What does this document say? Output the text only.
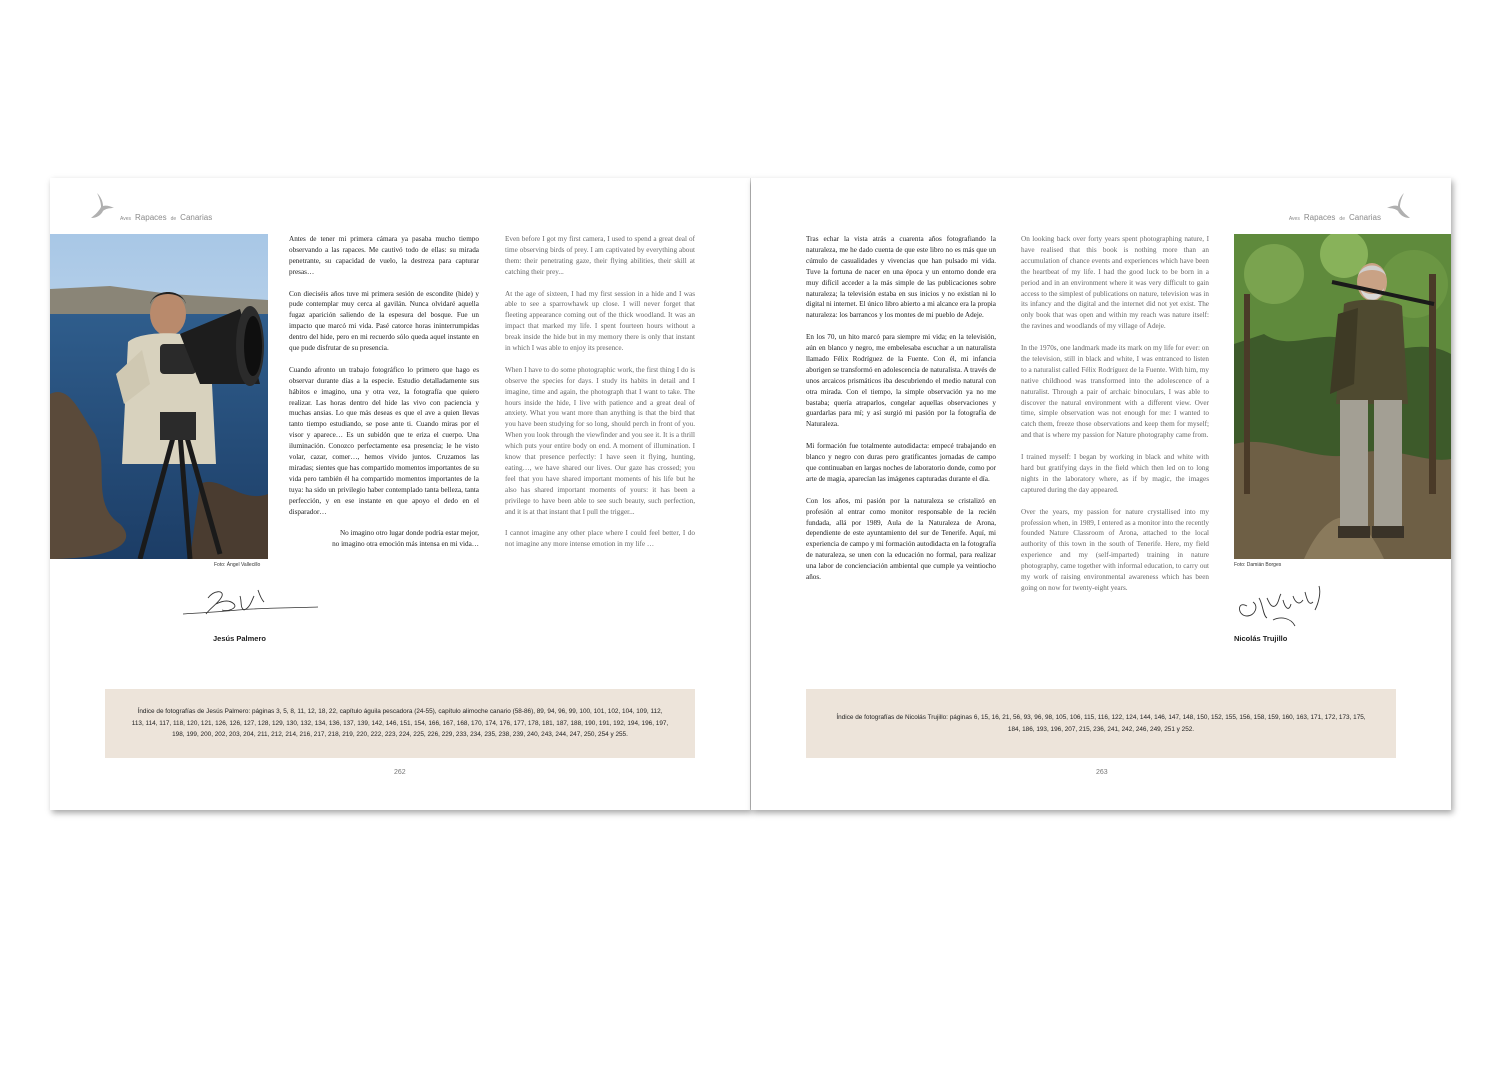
Aves Rapaces de Canarias
Foto: Ángel Vallecillo

Antes de tener mi primera cámara ya pasaba mucho tiempo observando a las rapaces. Me cautivó todo de ellas: su mirada penetrante, su capacidad de vuelo, la destreza para capturar presas…

Con dieciséis años tuve mi primera sesión de esconditе (hide) y pude contemplar muy cerca al gavilán. Nunca olvidaré aquella fugaz aparición saliendo de la espesura del bosque. Fue un impacto que marcó mi vida. Pasé catorce horas ininterrumpidas dentro del hide, pero en mi recuerdo sólo queda aquel instante en que pude disfrutar de su presencia.

Cuando afronto un trabajo fotográfico lo primero que hago es observar durante días a la especie. Estudio detalladamente sus hábitos e imagino, una y otra vez, la fotografía que quiero realizar. Las horas dentro del hide las vivo con paciencia y muchas ansias. Lo que más deseas es que el ave a quien llevas tanto tiempo estudiando, se pose ante ti. Cuando miras por el visor y aparece… Es un subidón que te eriza el cuerpo. Una iluminación. Conozco perfectamente esa presencia; le he visto volar, cazar, comer…, hemos vivido juntos. Cruzamos las miradas; sientes que has compartido momentos importantes de su vida pero también él ha compartido momentos importantes de la tuya: ha sido un privilegio haber contemplado tanta belleza, tanta perfección, y en ese instante en que apoyo el dedo en el disparador…

No imagino otro lugar donde podría estar mejor,
no imagino otra emoción más intensa en mi vida…

Even before I got my first camera, I used to spend a great deal of time observing birds of prey. I am captivated by everything about them: their penetrating gaze, their flying abilities, their skill at catching their prey...

At the age of sixteen, I had my first session in a hide and I was able to see a sparrowhawk up close. I will never forget that fleeting appearance coming out of the thick woodland. It was an impact that marked my life. I spent fourteen hours without a break inside the hide but in my memory there is only that instant in which I was able to enjoy its presence.

When I have to do some photographic work, the first thing I do is observe the species for days. I study its habits in detail and I imagine, time and again, the photograph that I want to take. The hours inside the hide, I live with patience and a great deal of anxiety. What you want more than anything is that the bird that you have been studying for so long, should perch in front of you. When you look through the viewfinder and you see it. It is a thrill which puts your entire body on end. A moment of illumination. I know that presence perfectly: I have seen it flying, hunting, eating…, we have shared our lives. Our gaze has crossed; you feel that you have shared important moments of his life but he also has shared important moments of yours: it has been a privilege to have been able to see such beauty, such perfection, and it is at that instant that I pull the trigger...

I cannot imagine any other place where I could feel better, I do not imagine any more intense emotion in my life …

Jesús Palmero
Índice de fotografías de Jesús Palmero: páginas 3, 5, 8, 11, 12, 18, 22, capítulo águila pescadora (24-55), capítulo alimoche canario (58-86), 89, 94, 96, 99, 100, 101, 102, 104, 109, 112, 113, 114, 117, 118, 120, 121, 126, 126, 127, 128, 129, 130, 132, 134, 136, 137, 139, 142, 146, 151, 154, 166, 167, 168, 170, 174, 176, 177, 178, 181, 187, 188, 190, 191, 192, 194, 196, 197, 198, 199, 200, 202, 203, 204, 211, 212, 214, 216, 217, 218, 219, 220, 222, 223, 224, 225, 226, 229, 233, 234, 235, 238, 239, 240, 243, 244, 247, 250, 254 y 255.
262
Aves Rapaces de Canarias

Tras echar la vista atrás a cuarenta años fotografiando la naturaleza, me he dado cuenta de que este libro no es más que un cúmulo de casualidades y vivencias que han pulsado mi vida. Tuve la fortuna de nacer en una época y un entorno donde era muy difícil acceder a la más simple de las publicaciones sobre naturaleza; la televisión estaba en sus inicios y no existían ni lo digital ni internet. El único libro abierto a mi alcance era la propia naturaleza: los barrancos y los montes de mi pueblo de Adeje.

En los 70, un hito marcó para siempre mi vida; en la televisión, aún en blanco y negro, me embelesaba escuchar a un naturalista llamado Félix Rodríguez de la Fuente. Con él, mi infancia aborigen se transformó en adolescencia de naturalista. A través de unos arcaicos prismáticos iba descubriendo el medio natural con otra mirada. Con el tiempo, la simple observación ya no me bastaba; quería atraparlos, congelar aquellas observaciones y guardarlas para mí; y así surgió mi pasión por la fotografía de Naturaleza.

Mi formación fue totalmente autodidacta: empecé trabajando en blanco y negro con duras pero gratificantes jornadas de campo que continuaban en largas noches de laboratorio donde, como por arte de magia, aparecían las imágenes capturadas durante el día.

Con los años, mi pasión por la naturaleza se cristalizó en profesión al entrar como monitor responsable de la recién fundada, allá por 1989, Aula de la Naturaleza de Arona, dependiente de este ayuntamiento del sur de Tenerife. Aquí, mi experiencia de campo y mi formación autodidacta en la fotografía de naturaleza, se unen con la educación no formal, para realizar una labor de concienciación ambiental que cumple ya veintiocho años.

On looking back over forty years spent photographing nature, I have realised that this book is nothing more than an accumulation of chance events and experiences which have been the heartbeat of my life. I had the good luck to be born in a period and in an environment where it was very difficult to gain access to the simplest of publications on nature, television was in its infancy and the digital and the internet did not yet exist. The only book that was open and within my reach was nature itself: the ravines and woodlands of my village of Adeje.

In the 1970s, one landmark made its mark on my life for ever: on the television, still in black and white, I was entranced to listen to a naturalist called Félix Rodríguez de la Fuente. With him, my native childhood was transformed into the adolescence of a naturalist. Through a pair of archaic binoculars, I was able to discover the natural environment with a different view. Over time, simple observation was not enough for me: I wanted to catch them, freeze those observations and keep them for myself; and that is where my passion for Nature photography came from.

I trained myself: I began by working in black and white with hard but gratifying days in the field which then led on to long nights in the laboratory where, as if by magic, the images captured during the day appeared.

Over the years, my passion for nature crystallised into my profession when, in 1989, I entered as a monitor into the recently founded Nature Classroom of Arona, attached to the local authority of this town in the south of Tenerife. Here, my field experience and my (self-imparted) training in nature photography, came together with informal education, to carry out my work of raising environmental awareness which has been going on now for twenty-eight years.

Foto: Damián Borges
Nicolás Trujillo
Índice de fotografías de Nicolás Trujillo: páginas 6, 15, 16, 21, 56, 93, 96, 98, 105, 106, 115, 116, 122, 124, 144, 146, 147, 148, 150, 152, 155, 156, 158, 159, 160, 163, 171, 172, 173, 175, 184, 186, 193, 196, 207, 215, 236, 241, 242, 246, 249, 251 y 252.
263
